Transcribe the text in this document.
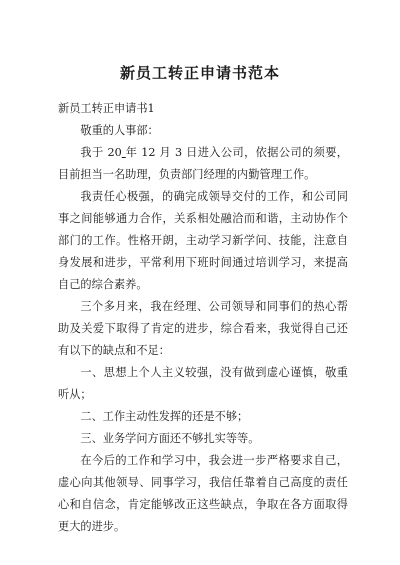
新员工转正申请书范本

新员工转正申请书1

敬重的人事部：

我于 20 年 12 月 3 日进入公司，依据公司的须要，目前担当一名助理，负责部门经理的内勤管理工作。

我责任心极强，的确完成领导交付的工作，和公司同事之间能够通力合作，关系相处融洽而和谐，主动协作个部门的工作。性格开朗，主动学习新学问、技能，注意自身发展和进步，平常利用下班时间通过培训学习，来提高自己的综合素养。

三个多月来，我在经理、公司领导和同事们的热心帮助及关爱下取得了肯定的进步，综合看来，我觉得自己还有以下的缺点和不足：

一、思想上个人主义较强，没有做到虚心谨慎，敬重听从；

二、工作主动性发挥的还是不够；

三、业务学问方面还不够扎实等等。

在今后的工作和学习中，我会进一步严格要求自己，虚心向其他领导、同事学习，我信任靠着自己高度的责任心和自信念，肯定能够改正这些缺点，争取在各方面取得更大的进步。
